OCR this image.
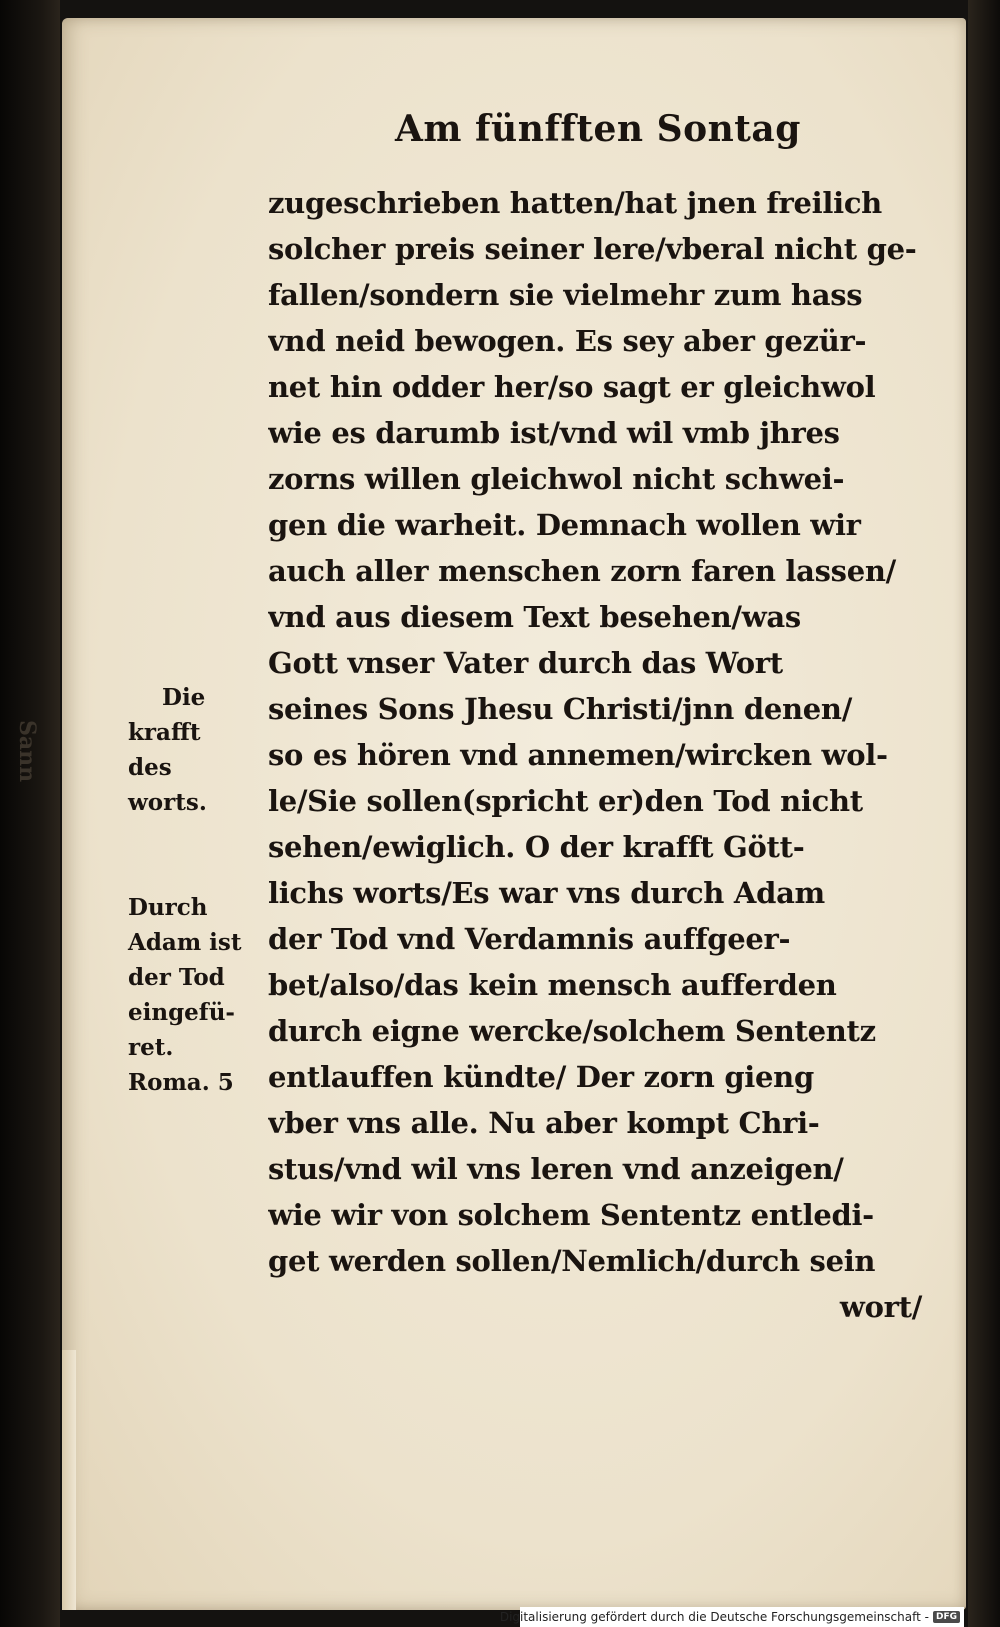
Sann
Am fünfften Sontag
zugeschrieben hatten/hat jnen freilich
solcher preis seiner lere/vberal nicht ge-
fallen/sondern sie vielmehr zum hass
vnd neid bewogen. Es sey aber gezür-
net hin odder her/so sagt er gleichwol
wie es darumb ist/vnd wil vmb jhres
zorns willen gleichwol nicht schwei-
gen die warheit. Demnach wollen wir
auch aller menschen zorn faren lassen/
vnd aus diesem Text besehen/was
Gott vnser Vater durch das Wort
seines Sons Jhesu Christi/jnn denen/
so es hören vnd annemen/wircken wol-
le/Sie sollen(spricht er)den Tod nicht
sehen/ewiglich. O der krafft Gött-
lichs worts/Es war vns durch Adam
der Tod vnd Verdamnis auffgeer-
bet/also/das kein mensch aufferden
durch eigne wercke/solchem Sententz
entlauffen kündte/ Der zorn gieng
vber vns alle. Nu aber kompt Chri-
stus/vnd wil vns leren vnd anzeigen/
wie wir von solchem Sententz entledi-
get werden sollen/Nemlich/durch sein
wort/
Die
krafft
des
worts.
Durch
Adam ist
der Tod
eingefü-
ret.
Roma. 5
Digitalisierung gefördert durch die Deutsche Forschungsgemeinschaft - DFG
